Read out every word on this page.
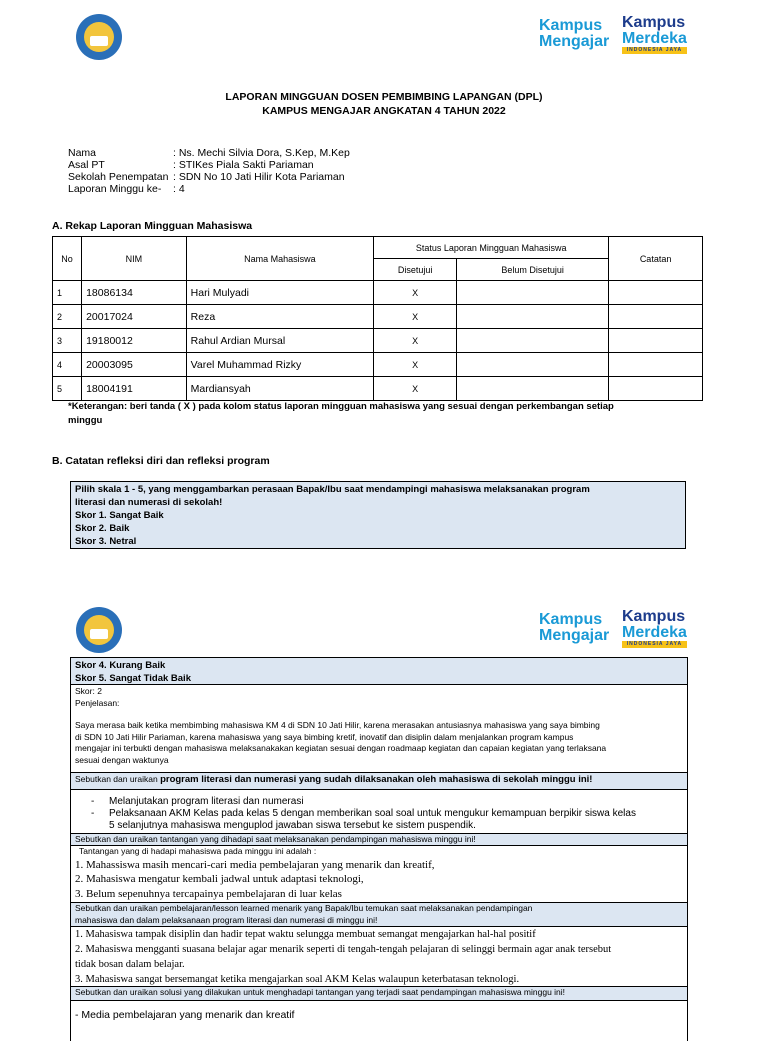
Kampus
Mengajar
Kampus
Merdeka
INDONESIA JAYA
LAPORAN MINGGUAN DOSEN PEMBIMBING LAPANGAN (DPL)
KAMPUS MENGAJAR ANGKATAN 4 TAHUN 2022
Nama	: Ns. Mechi Silvia Dora, S.Kep, M.Kep
Asal PT	: STIKes Piala Sakti Pariaman
Sekolah Penempatan : SDN No 10 Jati Hilir Kota Pariaman
Laporan Minggu ke-	: 4
A. Rekap Laporan Mingguan Mahasiswa
No	NIM	Nama Mahasiswa	Status Laporan Mingguan Mahasiswa		Catatan
			Disetujui	Belum Disetujui	
1	18086134	Hari Mulyadi	X		
2	20017024	Reza	X		
3	19180012	Rahul Ardian Mursal	X		
4	20003095	Varel Muhammad Rizky	X		
5	18004191	Mardiansyah	X		
*Keterangan: beri tanda ( X ) pada kolom status laporan mingguan mahasiswa yang sesuai dengan perkembangan setiap
minggu
B. Catatan refleksi diri dan refleksi program
Pilih skala 1 - 5, yang menggambarkan perasaan Bapak/Ibu saat mendampingi mahasiswa melaksanakan program
literasi dan numerasi di sekolah!
Skor 1. Sangat Baik
Skor 2. Baik
Skor 3. Netral
Kampus
Mengajar
Kampus
Merdeka
INDONESIA JAYA
Skor 4. Kurang Baik
Skor 5. Sangat Tidak Baik
Skor: 2
Penjelasan:
Saya merasa baik ketika membimbing mahasiswa KM 4 di SDN 10 Jati Hilir, karena merasakan antusiasnya mahasiswa yang saya bimbing
di SDN 10 Jati Hilir Pariaman, karena mahasiswa yang saya bimbing kretif, inovatif dan disiplin dalam menjalankan program kampus
mengajar ini terbukti dengan mahasiswa melaksanakakan kegiatan sesuai dengan roadmaap kegiatan dan capaian kegiatan yang terlaksana
sesuai dengan waktunya
Sebutkan dan uraikan program literasi dan numerasi yang sudah dilaksanakan oleh mahasiswa di sekolah minggu ini!
-	Melanjutakan program literasi dan numerasi
-	Pelaksanaan AKM Kelas pada kelas 5 dengan memberikan soal soal untuk mengukur kemampuan berpikir siswa kelas
5 selanjutnya mahasiswa menguplod jawaban siswa tersebut ke sistem puspendik.
Sebutkan dan uraikan tantangan yang dihadapi saat melaksanakan pendampingan mahasiswa minggu ini!
Tantangan yang di hadapi mahasiswa pada minggu ini adalah :
1. Mahassiswa masih mencari-cari media pembelajaran yang menarik dan kreatif,
2. Mahasiswa mengatur kembali jadwal untuk adaptasi teknologi,
3. Belum sepenuhnya tercapainya pembelajaran di luar kelas
Sebutkan dan uraikan pembelajaran/lesson learned menarik yang Bapak/Ibu temukan saat melaksanakan pendampingan
mahasiswa dan dalam pelaksanaan program literasi dan numerasi di minggu ini!
1. Mahasiswa tampak disiplin dan hadir tepat waktu selungga membuat semangat mengajarkan hal-hal positif
2. Mahasiswa mengganti suasana belajar agar menarik seperti di tengah-tengah pelajaran di selinggi bermain agar anak tersebut
tidak bosan dalam belajar.
3. Mahasiswa sangat bersemangat ketika mengajarkan soal AKM Kelas walaupun keterbatasan teknologi.
Sebutkan dan uraikan solusi yang dilakukan untuk menghadapi tantangan yang terjadi saat pendampingan mahasiswa minggu ini!
- Media pembelajaran yang menarik dan kreatif
